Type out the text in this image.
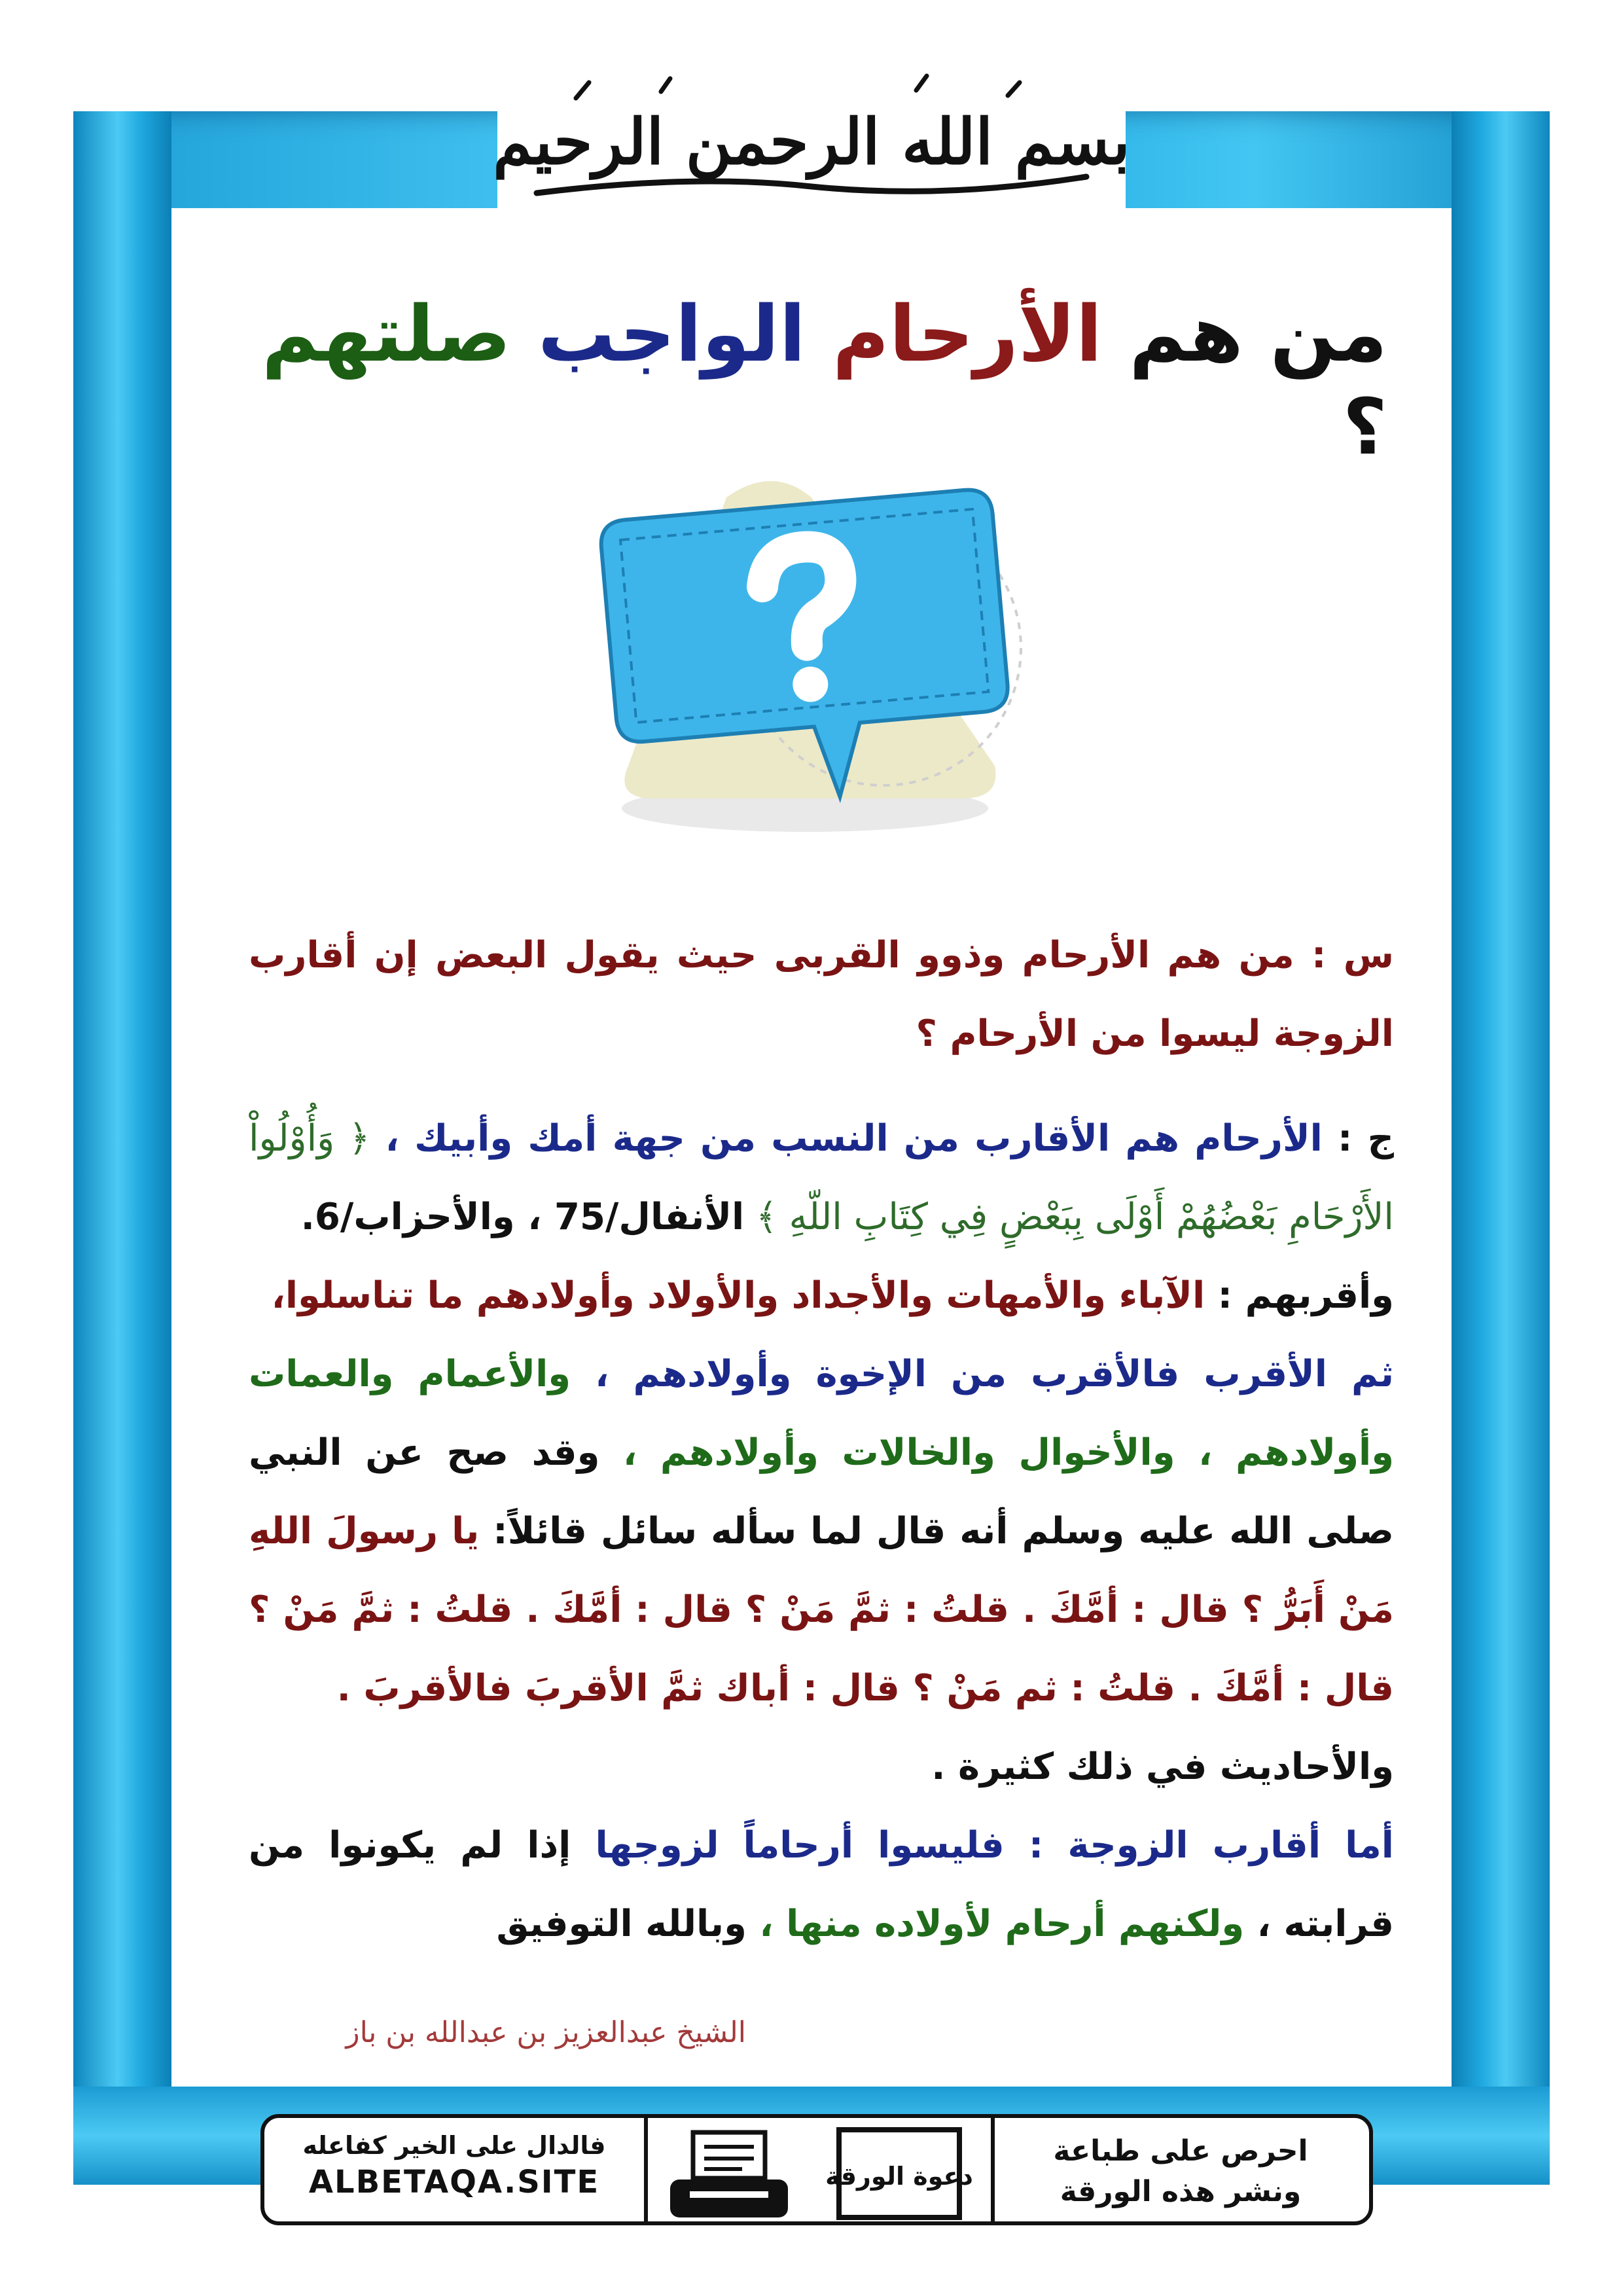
بسم الله الرحمن الرحيم
من هم الأرحام الواجب صلتهم ؟

س : من هم الأرحام وذوو القربى حيث يقول البعض إن أقارب الزوجة ليسوا من الأرحام ؟

ج : الأرحام هم الأقارب من النسب من جهة أمك وأبيك ، ﴿ وَأُوْلُواْ الأَرْحَامِ بَعْضُهُمْ أَوْلَى بِبَعْضٍ فِي كِتَابِ اللّهِ ﴾ الأنفال/75 ، والأحزاب/6.
وأقربهم : الآباء والأمهات والأجداد والأولاد وأولادهم ما تناسلوا،
ثم الأقرب فالأقرب من الإخوة وأولادهم ، والأعمام والعمات وأولادهم ، والأخوال والخالات وأولادهم ، وقد صح عن النبي صلى الله عليه وسلم أنه قال لما سأله سائل قائلاً: يا رسولَ اللهِ مَنْ أَبَرُّ ؟ قال : أمَّكَ . قلتُ : ثمَّ مَنْ ؟ قال : أمَّكَ . قلتُ : ثمَّ مَنْ ؟ قال : أمَّكَ . قلتُ : ثم مَنْ ؟ قال : أباك ثمَّ الأقربَ فالأقربَ .
والأحاديث في ذلك كثيرة .
أما أقارب الزوجة : فليسوا أرحاماً لزوجها إذا لم يكونوا من قرابته ، ولكنهم أرحام لأولاده منها ، وبالله التوفيق

الشيخ عبدالعزيز بن عبدالله بن باز
فالدال على الخير كفاعله
ALBETAQA.SITE	دعوة الورقة
احرص على طباعة
ونشر هذه الورقة
